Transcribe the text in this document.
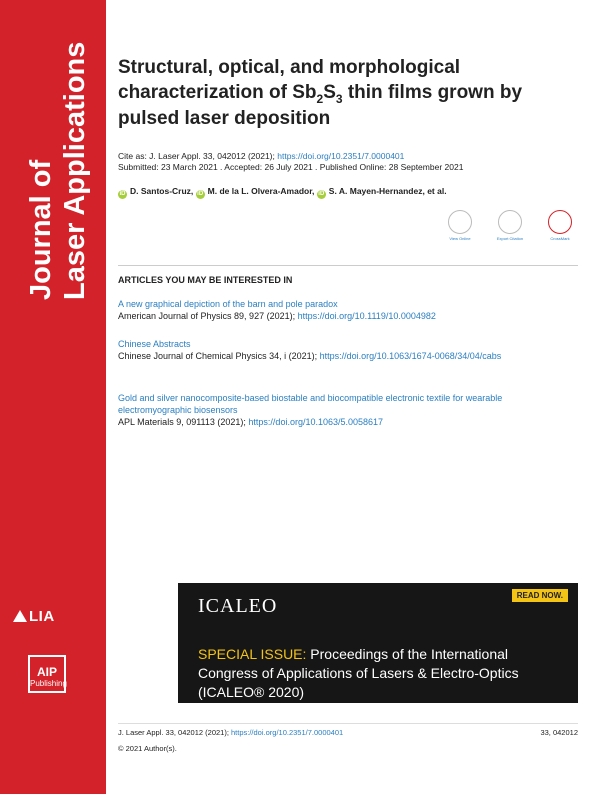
Journal of Laser Applications
LIA
AIP
Publishing
Structural, optical, and morphological
characterization of $Sb_2S_3$ thin films grown by
pulsed laser deposition
Cite as: J. Laser Appl. 33, 042012 (2021); https://doi.org/10.2351/7.0000401
Submitted: 23 March 2021 . Accepted: 26 July 2021 . Published Online: 28 September 2021
iD D. Santos-Cruz, iD M. de la L. Olvera-Amador, iD S. A. Mayen-Hernandez, et al.
View Online	Export Citation	CrossMark
ARTICLES YOU MAY BE INTERESTED IN
A new graphical depiction of the barn and pole paradox
American Journal of Physics 89, 927 (2021); https://doi.org/10.1119/10.0004982
Chinese Abstracts
Chinese Journal of Chemical Physics 34, i (2021); https://doi.org/10.1063/1674-0068/34/04/cabs
Gold and silver nanocomposite-based biostable and biocompatible electronic textile for wearable electromyographic biosensors
APL Materials 9, 091113 (2021); https://doi.org/10.1063/5.0058617
ICALEO	READ NOW.
SPECIAL ISSUE: Proceedings of the International Congress of Applications of Lasers & Electro-Optics (ICALEO® 2020)
J. Laser Appl. 33, 042012 (2021); https://doi.org/10.2351/7.0000401	33, 042012
© 2021 Author(s).
